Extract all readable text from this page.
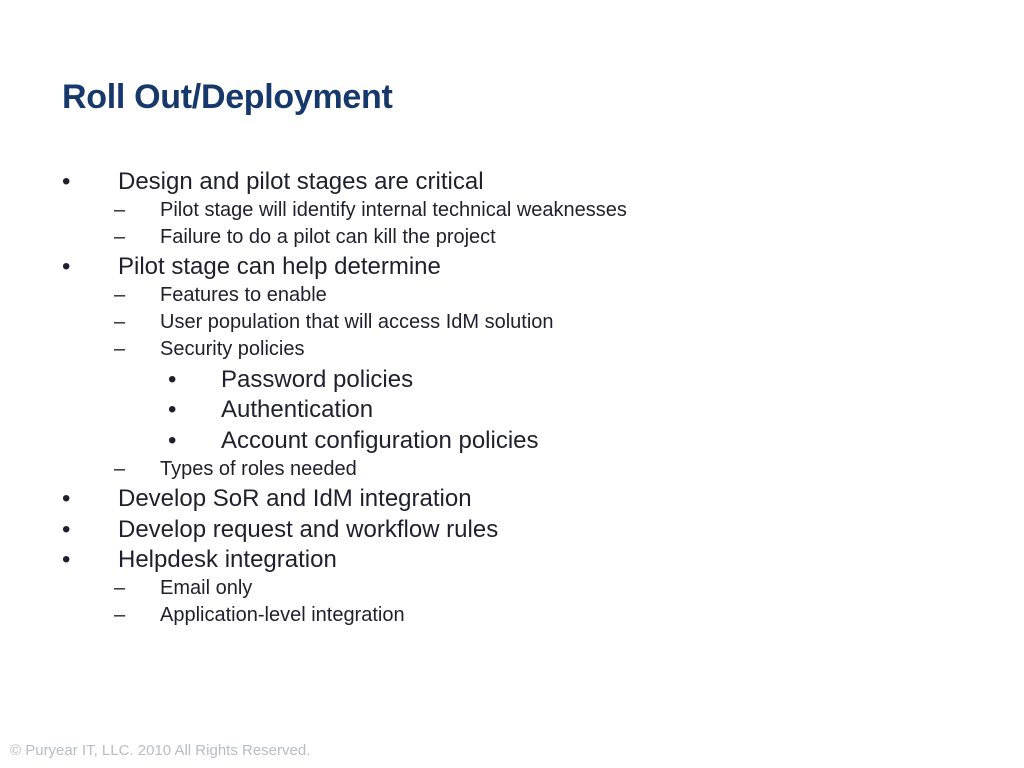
Roll Out/Deployment
• Design and pilot stages are critical
– Pilot stage will identify internal technical weaknesses
– Failure to do a pilot can kill the project
• Pilot stage can help determine
– Features to enable
– User population that will access IdM solution
– Security policies
• Password policies
• Authentication
• Account configuration policies
– Types of roles needed
• Develop SoR and IdM integration
• Develop request and workflow rules
• Helpdesk integration
– Email only
– Application-level integration
© Puryear IT, LLC. 2010 All Rights Reserved.
